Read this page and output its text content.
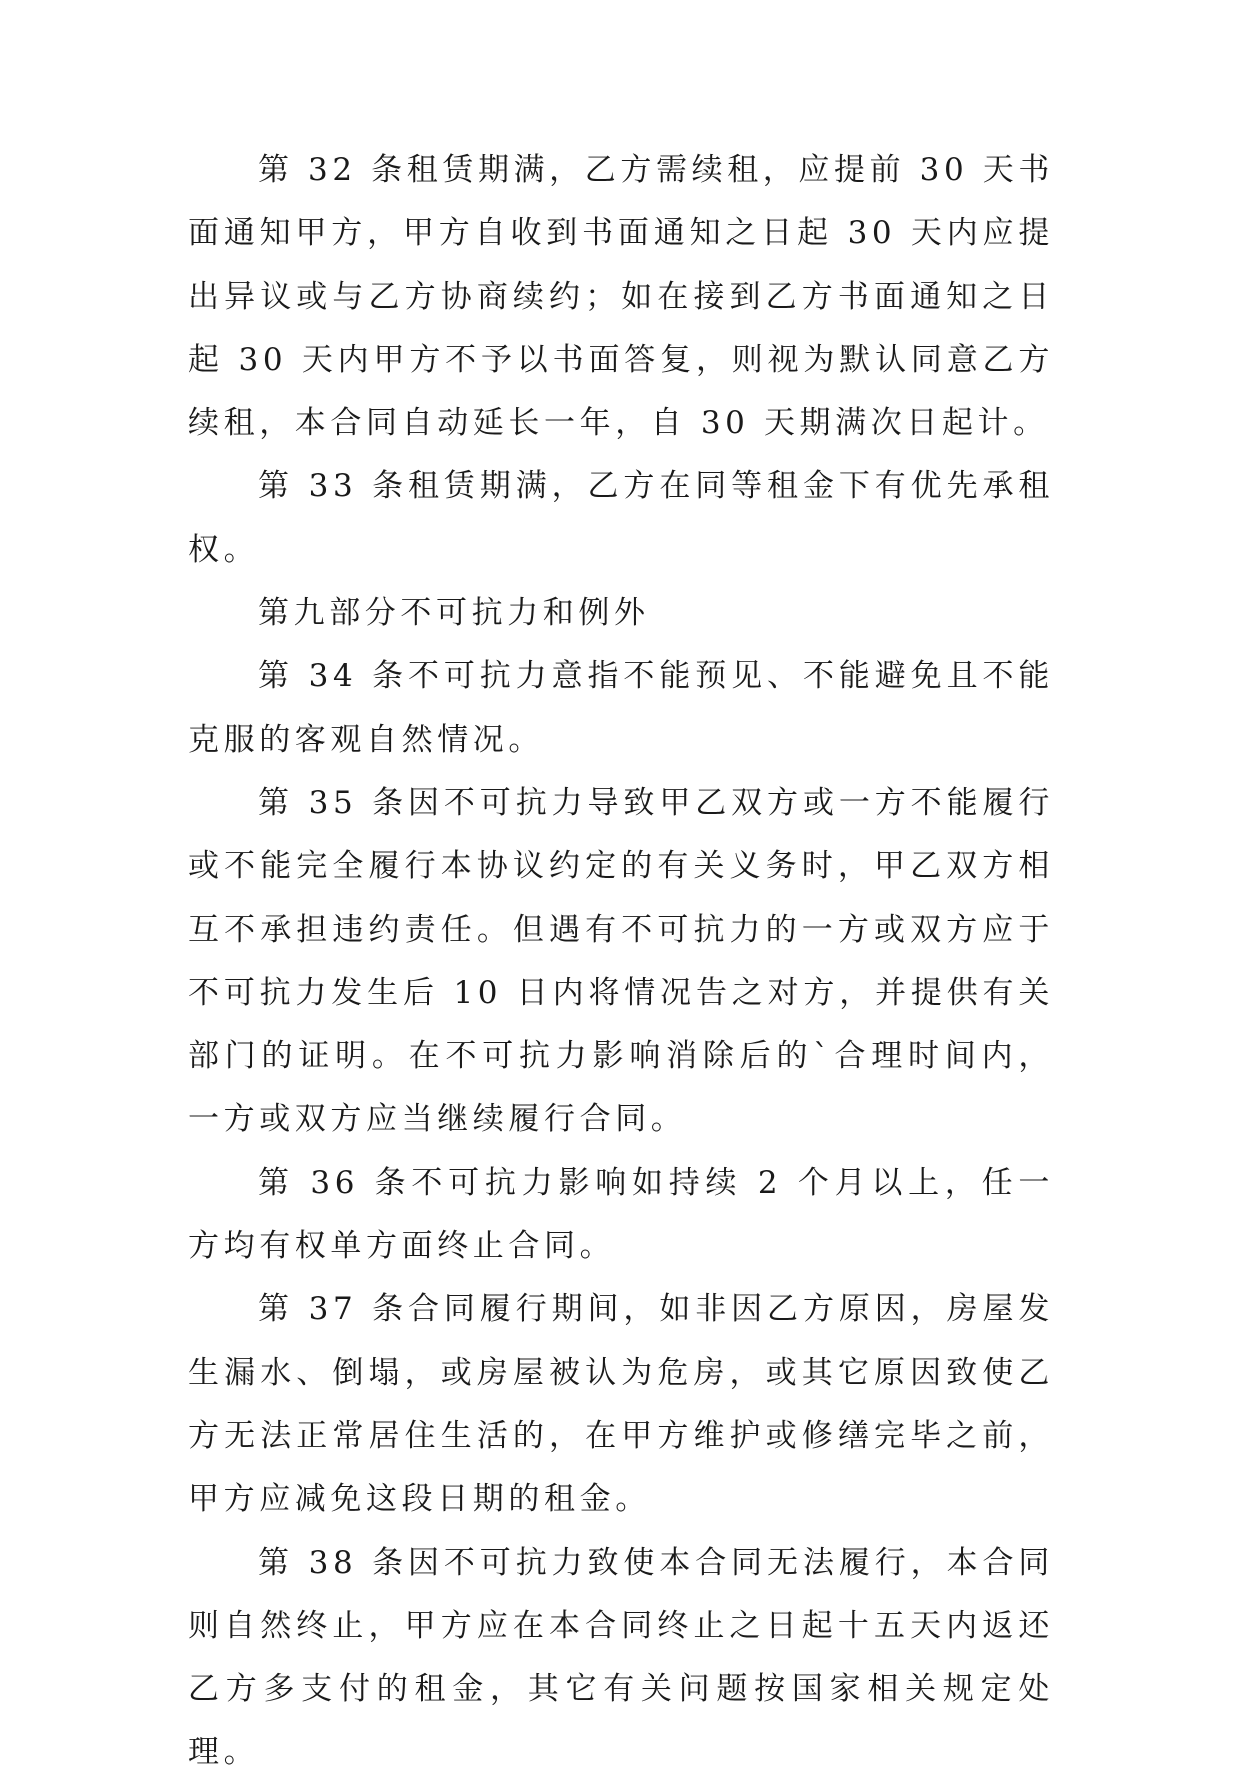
第 32 条租赁期满，乙方需续租，应提前 30 天书面通知甲方，甲方自收到书面通知之日起 30 天内应提出异议或与乙方协商续约；如在接到乙方书面通知之日起 30 天内甲方不予以书面答复，则视为默认同意乙方续租，本合同自动延长一年，自 30 天期满次日起计。

第 33 条租赁期满，乙方在同等租金下有优先承租权。

第九部分不可抗力和例外

第 34 条不可抗力意指不能预见、不能避免且不能克服的客观自然情况。

第 35 条因不可抗力导致甲乙双方或一方不能履行或不能完全履行本协议约定的有关义务时，甲乙双方相互不承担违约责任。但遇有不可抗力的一方或双方应于不可抗力发生后 10 日内将情况告之对方，并提供有关部门的证明。在不可抗力影响消除后的`合理时间内，一方或双方应当继续履行合同。

第 36 条不可抗力影响如持续 2 个月以上，任一方均有权单方面终止合同。

第 37 条合同履行期间，如非因乙方原因，房屋发生漏水、倒塌，或房屋被认为危房，或其它原因致使乙方无法正常居住生活的，在甲方维护或修缮完毕之前，甲方应减免这段日期的租金。

第 38 条因不可抗力致使本合同无法履行，本合同则自然终止，甲方应在本合同终止之日起十五天内返还乙方多支付的租金，其它有关问题按国家相关规定处理。
